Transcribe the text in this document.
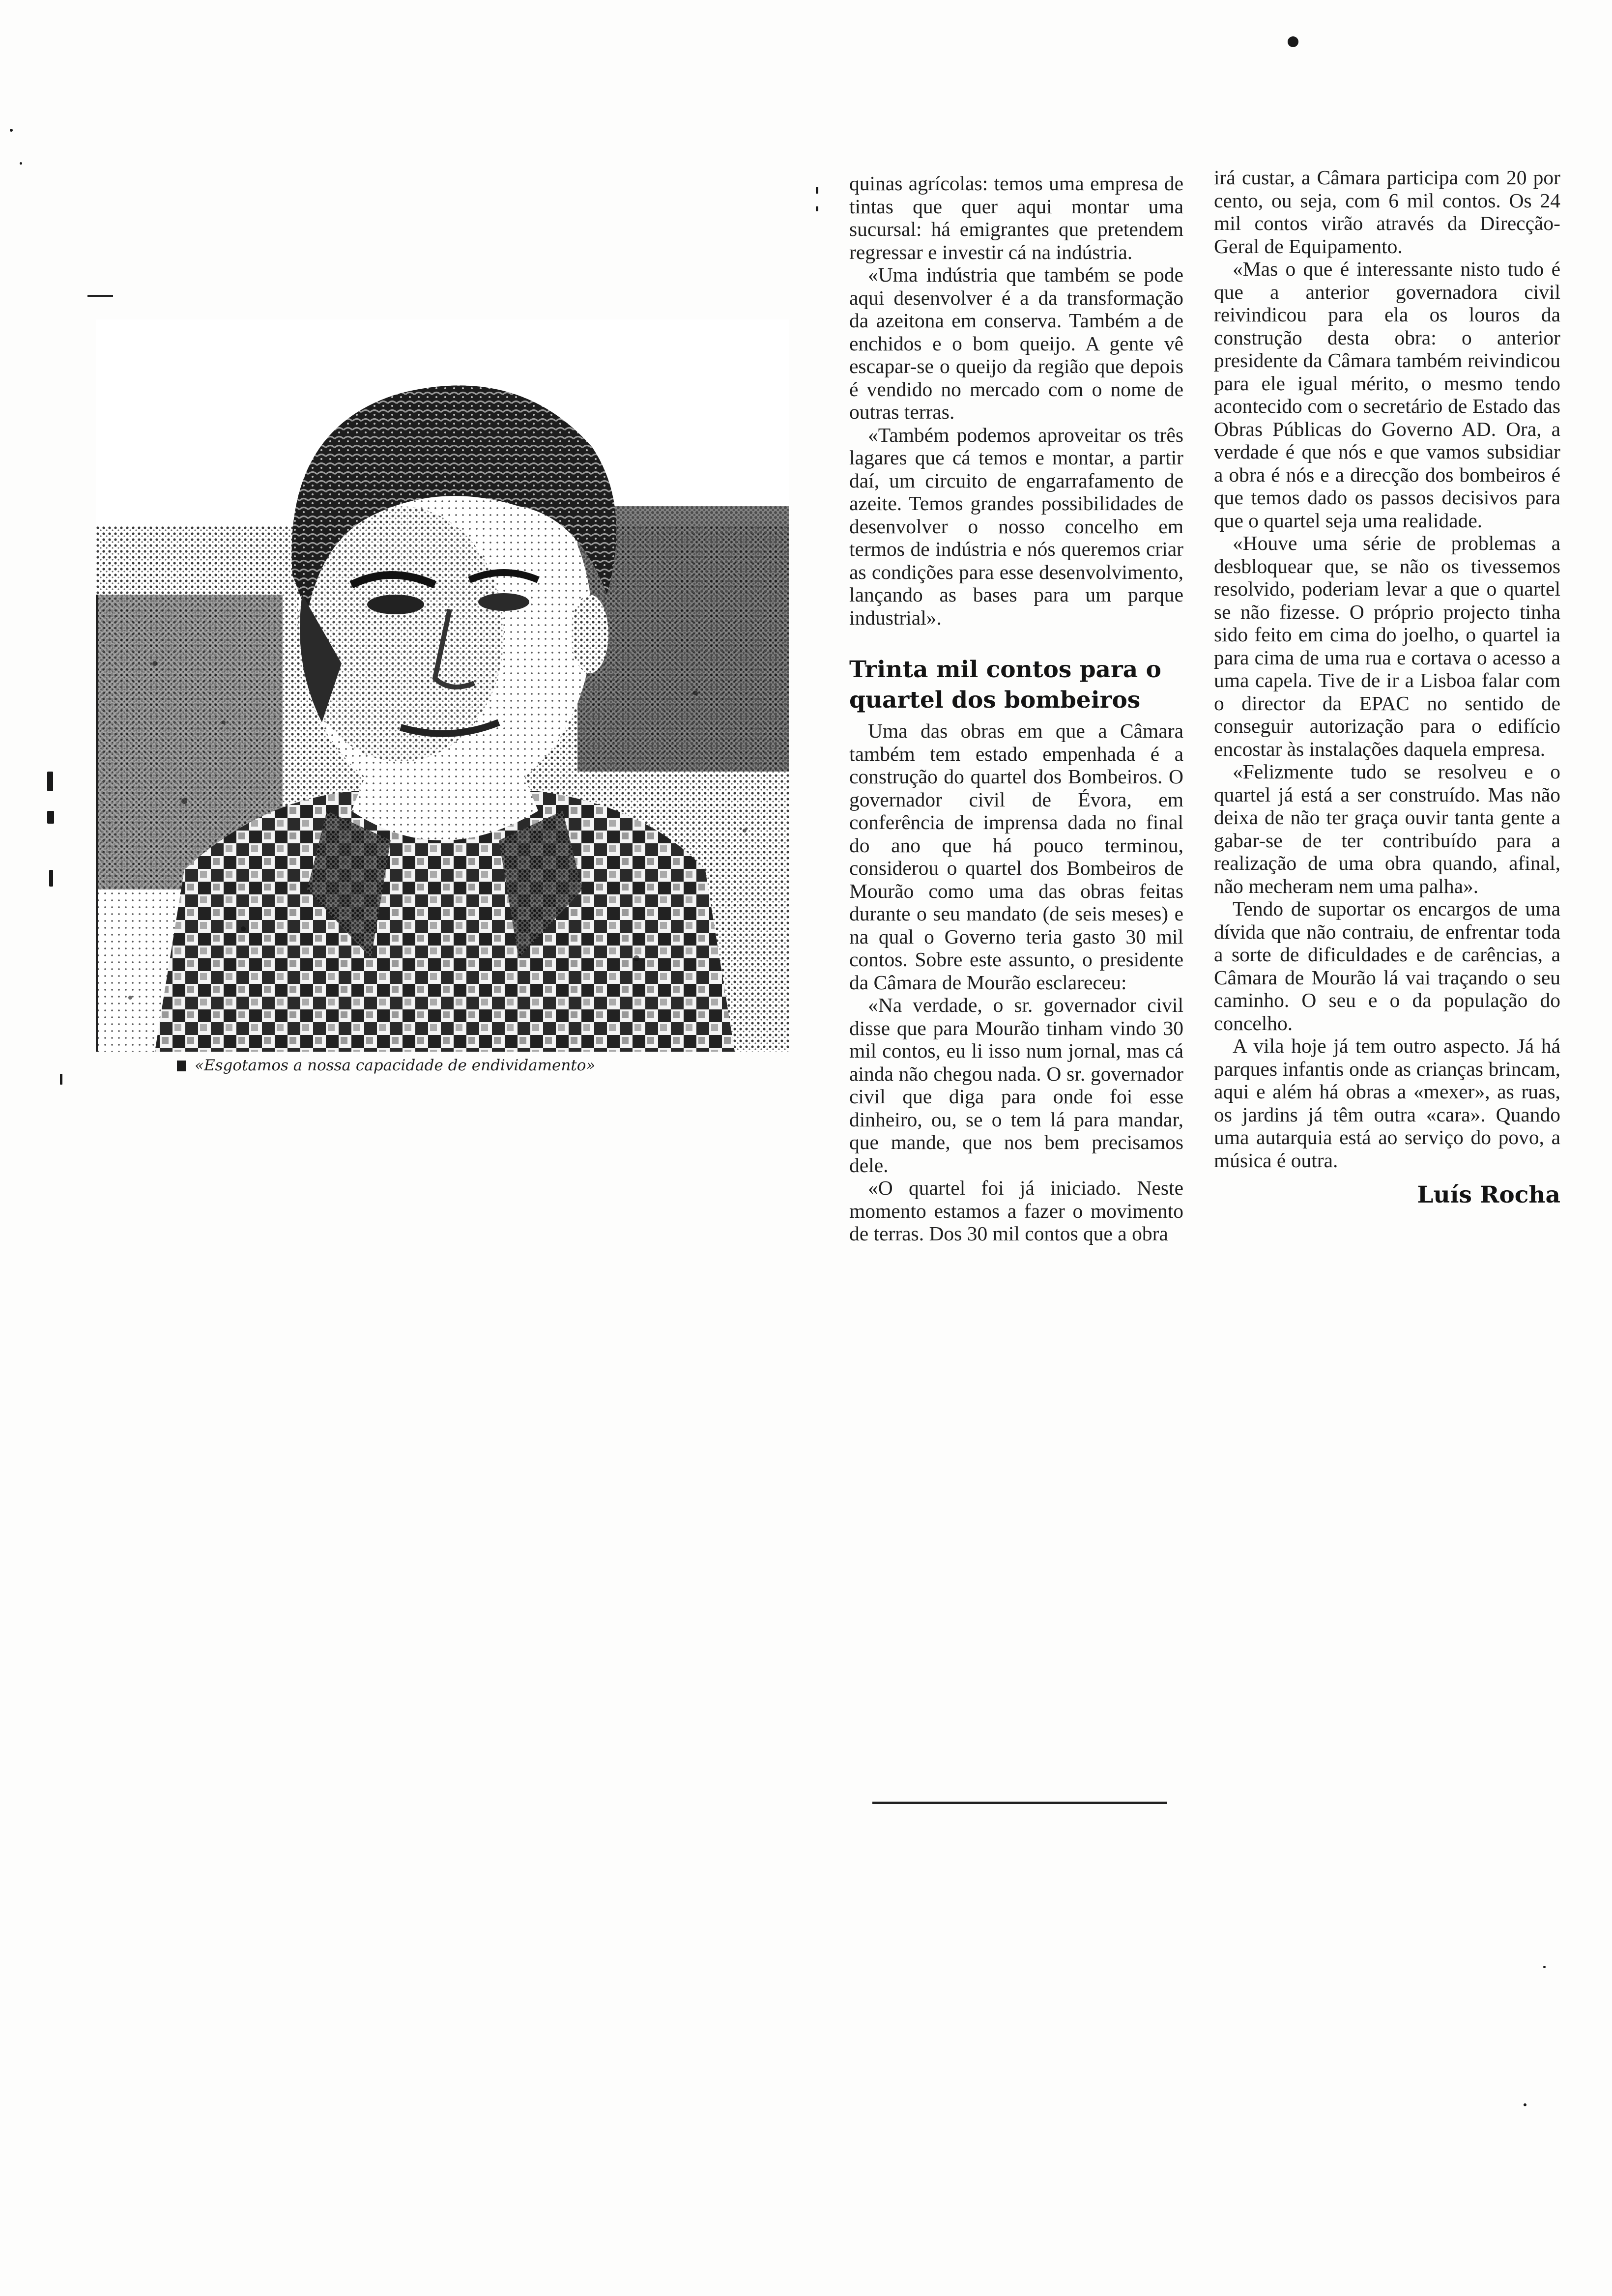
«Esgotamos a nossa capacidade de endividamento»

quinas agrícolas: temos uma empresa de tintas que quer aqui montar uma sucursal: há emigrantes que pretendem regressar e investir cá na indústria.

«Uma indústria que também se pode aqui desenvolver é a da transformação da azeitona em conserva. Também a de enchidos e o bom queijo. A gente vê escapar-se o queijo da região que depois é vendido no mercado com o nome de outras terras.

«Também podemos aproveitar os três lagares que cá temos e montar, a partir daí, um circuito de engarrafamento de azeite. Temos grandes possibilidades de desenvolver o nosso concelho em termos de indústria e nós queremos criar as condições para esse desenvolvimento, lançando as bases para um parque industrial».

Trinta mil contos para o quartel dos bombeiros

Uma das obras em que a Câmara também tem estado empenhada é a construção do quartel dos Bombeiros. O governador civil de Évora, em conferência de imprensa dada no final do ano que há pouco terminou, considerou o quartel dos Bombeiros de Mourão como uma das obras feitas durante o seu mandato (de seis meses) e na qual o Governo teria gasto 30 mil contos. Sobre este assunto, o presidente da Câmara de Mourão esclareceu:

«Na verdade, o sr. governador civil disse que para Mourão tinham vindo 30 mil contos, eu li isso num jornal, mas cá ainda não chegou nada. O sr. governador civil que diga para onde foi esse dinheiro, ou, se o tem lá para mandar, que mande, que nos bem precisamos dele.

«O quartel foi já iniciado. Neste momento estamos a fazer o movimento de terras. Dos 30 mil contos que a obra

irá custar, a Câmara participa com 20 por cento, ou seja, com 6 mil contos. Os 24 mil contos virão através da Direcção-Geral de Equipamento.

«Mas o que é interessante nisto tudo é que a anterior governadora civil reivindicou para ela os louros da construção desta obra: o anterior presidente da Câmara também reivindicou para ele igual mérito, o mesmo tendo acontecido com o secretário de Estado das Obras Públicas do Governo AD. Ora, a verdade é que nós e que vamos subsidiar a obra é nós e a direcção dos bombeiros é que temos dado os passos decisivos para que o quartel seja uma realidade.

«Houve uma série de problemas a desbloquear que, se não os tivessemos resolvido, poderiam levar a que o quartel se não fizesse. O próprio projecto tinha sido feito em cima do joelho, o quartel ia para cima de uma rua e cortava o acesso a uma capela. Tive de ir a Lisboa falar com o director da EPAC no sentido de conseguir autorização para o edifício encostar às instalações daquela empresa.

«Felizmente tudo se resolveu e o quartel já está a ser construído. Mas não deixa de não ter graça ouvir tanta gente a gabar-se de ter contribuído para a realização de uma obra quando, afinal, não mecheram nem uma palha».

Tendo de suportar os encargos de uma dívida que não contraiu, de enfrentar toda a sorte de dificuldades e de carências, a Câmara de Mourão lá vai traçando o seu caminho. O seu e o da população do concelho.

A vila hoje já tem outro aspecto. Já há parques infantis onde as crianças brincam, aqui e além há obras a «mexer», as ruas, os jardins já têm outra «cara». Quando uma autarquia está ao serviço do povo, a música é outra.

Luís Rocha
